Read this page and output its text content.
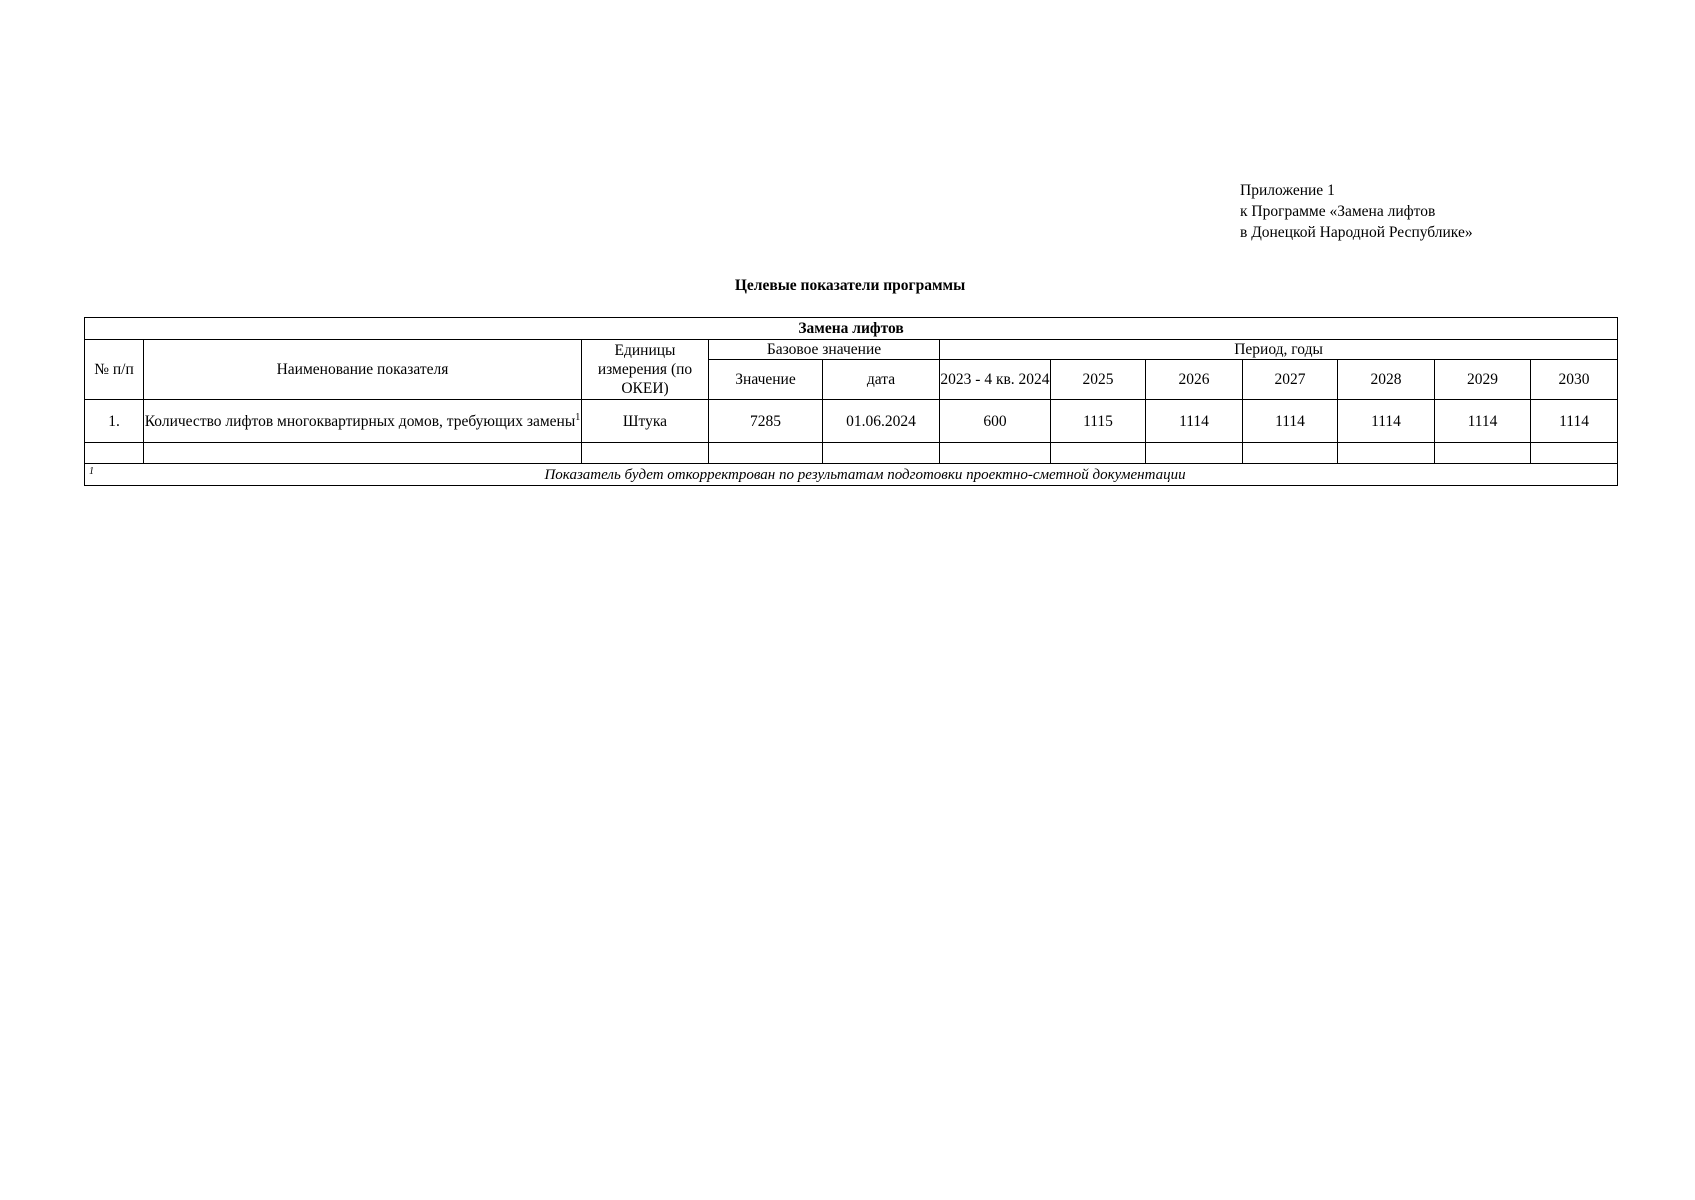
Приложение 1
к Программе «Замена лифтов
в Донецкой Народной Республике»
Целевые показатели программы
Замена лифтов											
№ п/п	Наименование показателя	Единицы измерения (по ОКЕИ)	Базовое значение		Период, годы						
			Значение	дата	2023 - 4 кв. 2024	2025	2026	2027	2028	2029	2030
1.	Количество лифтов многоквартирных домов, требующих замены$^1$	Штука	7285	01.06.2024	600	1115	1114	1114	1114	1114	1114

1 Показатель будет откорректрован по результатам подготовки проектно-сметной документации											
